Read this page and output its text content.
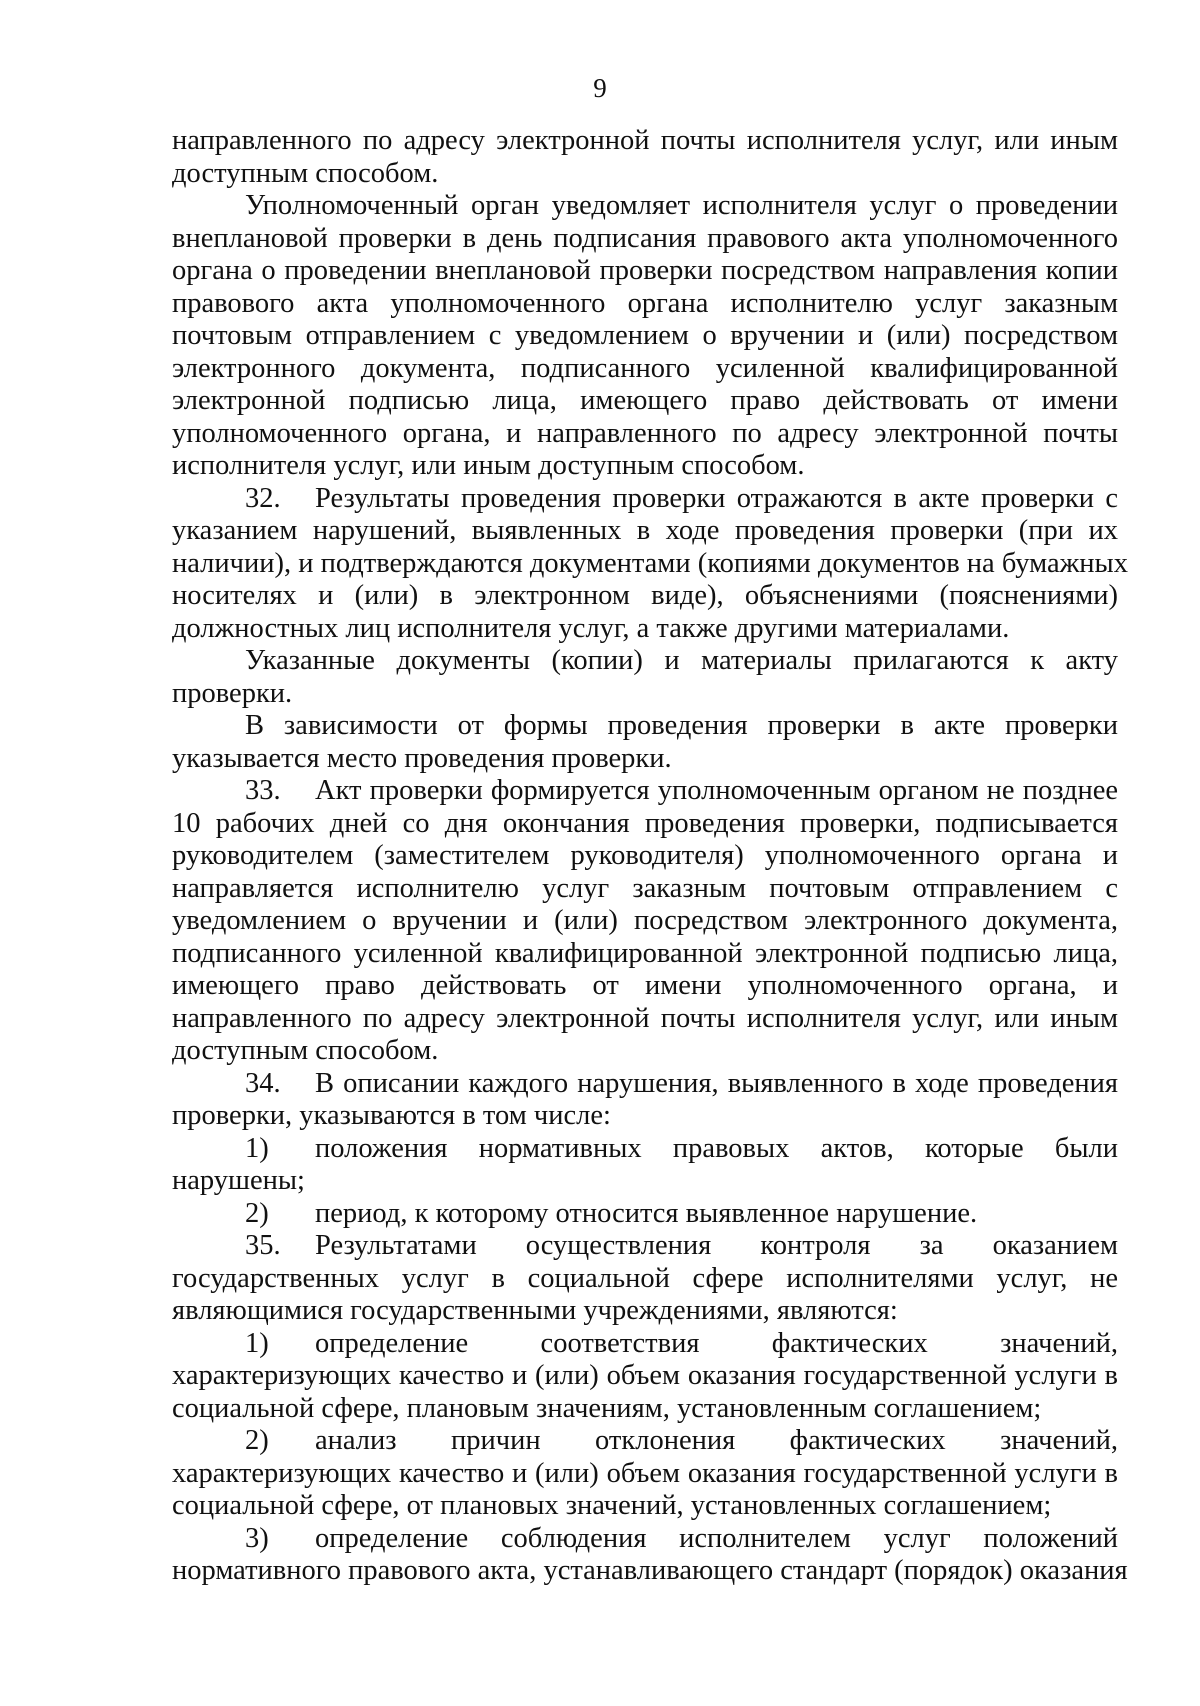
9
направленного по адресу электронной почты исполнителя услуг, или иным
доступным способом.
Уполномоченный орган уведомляет исполнителя услуг о проведении
внеплановой проверки в день подписания правового акта уполномоченного
органа о проведении внеплановой проверки посредством направления копии
правового акта уполномоченного органа исполнителю услуг заказным
почтовым отправлением с уведомлением о вручении и (или) посредством
электронного документа, подписанного усиленной квалифицированной
электронной подписью лица, имеющего право действовать от имени
уполномоченного органа, и направленного по адресу электронной почты
исполнителя услуг, или иным доступным способом.
32. Результаты проведения проверки отражаются в акте проверки с
указанием нарушений, выявленных в ходе проведения проверки (при их
наличии), и подтверждаются документами (копиями документов на бумажных
носителях и (или) в электронном виде), объяснениями (пояснениями)
должностных лиц исполнителя услуг, а также другими материалами.
Указанные документы (копии) и материалы прилагаются к акту
проверки.
В зависимости от формы проведения проверки в акте проверки
указывается место проведения проверки.
33. Акт проверки формируется уполномоченным органом не позднее
10 рабочих дней со дня окончания проведения проверки, подписывается
руководителем (заместителем руководителя) уполномоченного органа и
направляется исполнителю услуг заказным почтовым отправлением с
уведомлением о вручении и (или) посредством электронного документа,
подписанного усиленной квалифицированной электронной подписью лица,
имеющего право действовать от имени уполномоченного органа, и
направленного по адресу электронной почты исполнителя услуг, или иным
доступным способом.
34. В описании каждого нарушения, выявленного в ходе проведения
проверки, указываются в том числе:
1) положения нормативных правовых актов, которые были
нарушены;
2) период, к которому относится выявленное нарушение.
35. Результатами осуществления контроля за оказанием
государственных услуг в социальной сфере исполнителями услуг, не
являющимися государственными учреждениями, являются:
1) определение соответствия фактических значений,
характеризующих качество и (или) объем оказания государственной услуги в
социальной сфере, плановым значениям, установленным соглашением;
2) анализ причин отклонения фактических значений,
характеризующих качество и (или) объем оказания государственной услуги в
социальной сфере, от плановых значений, установленных соглашением;
3) определение соблюдения исполнителем услуг положений
нормативного правового акта, устанавливающего стандарт (порядок) оказания
